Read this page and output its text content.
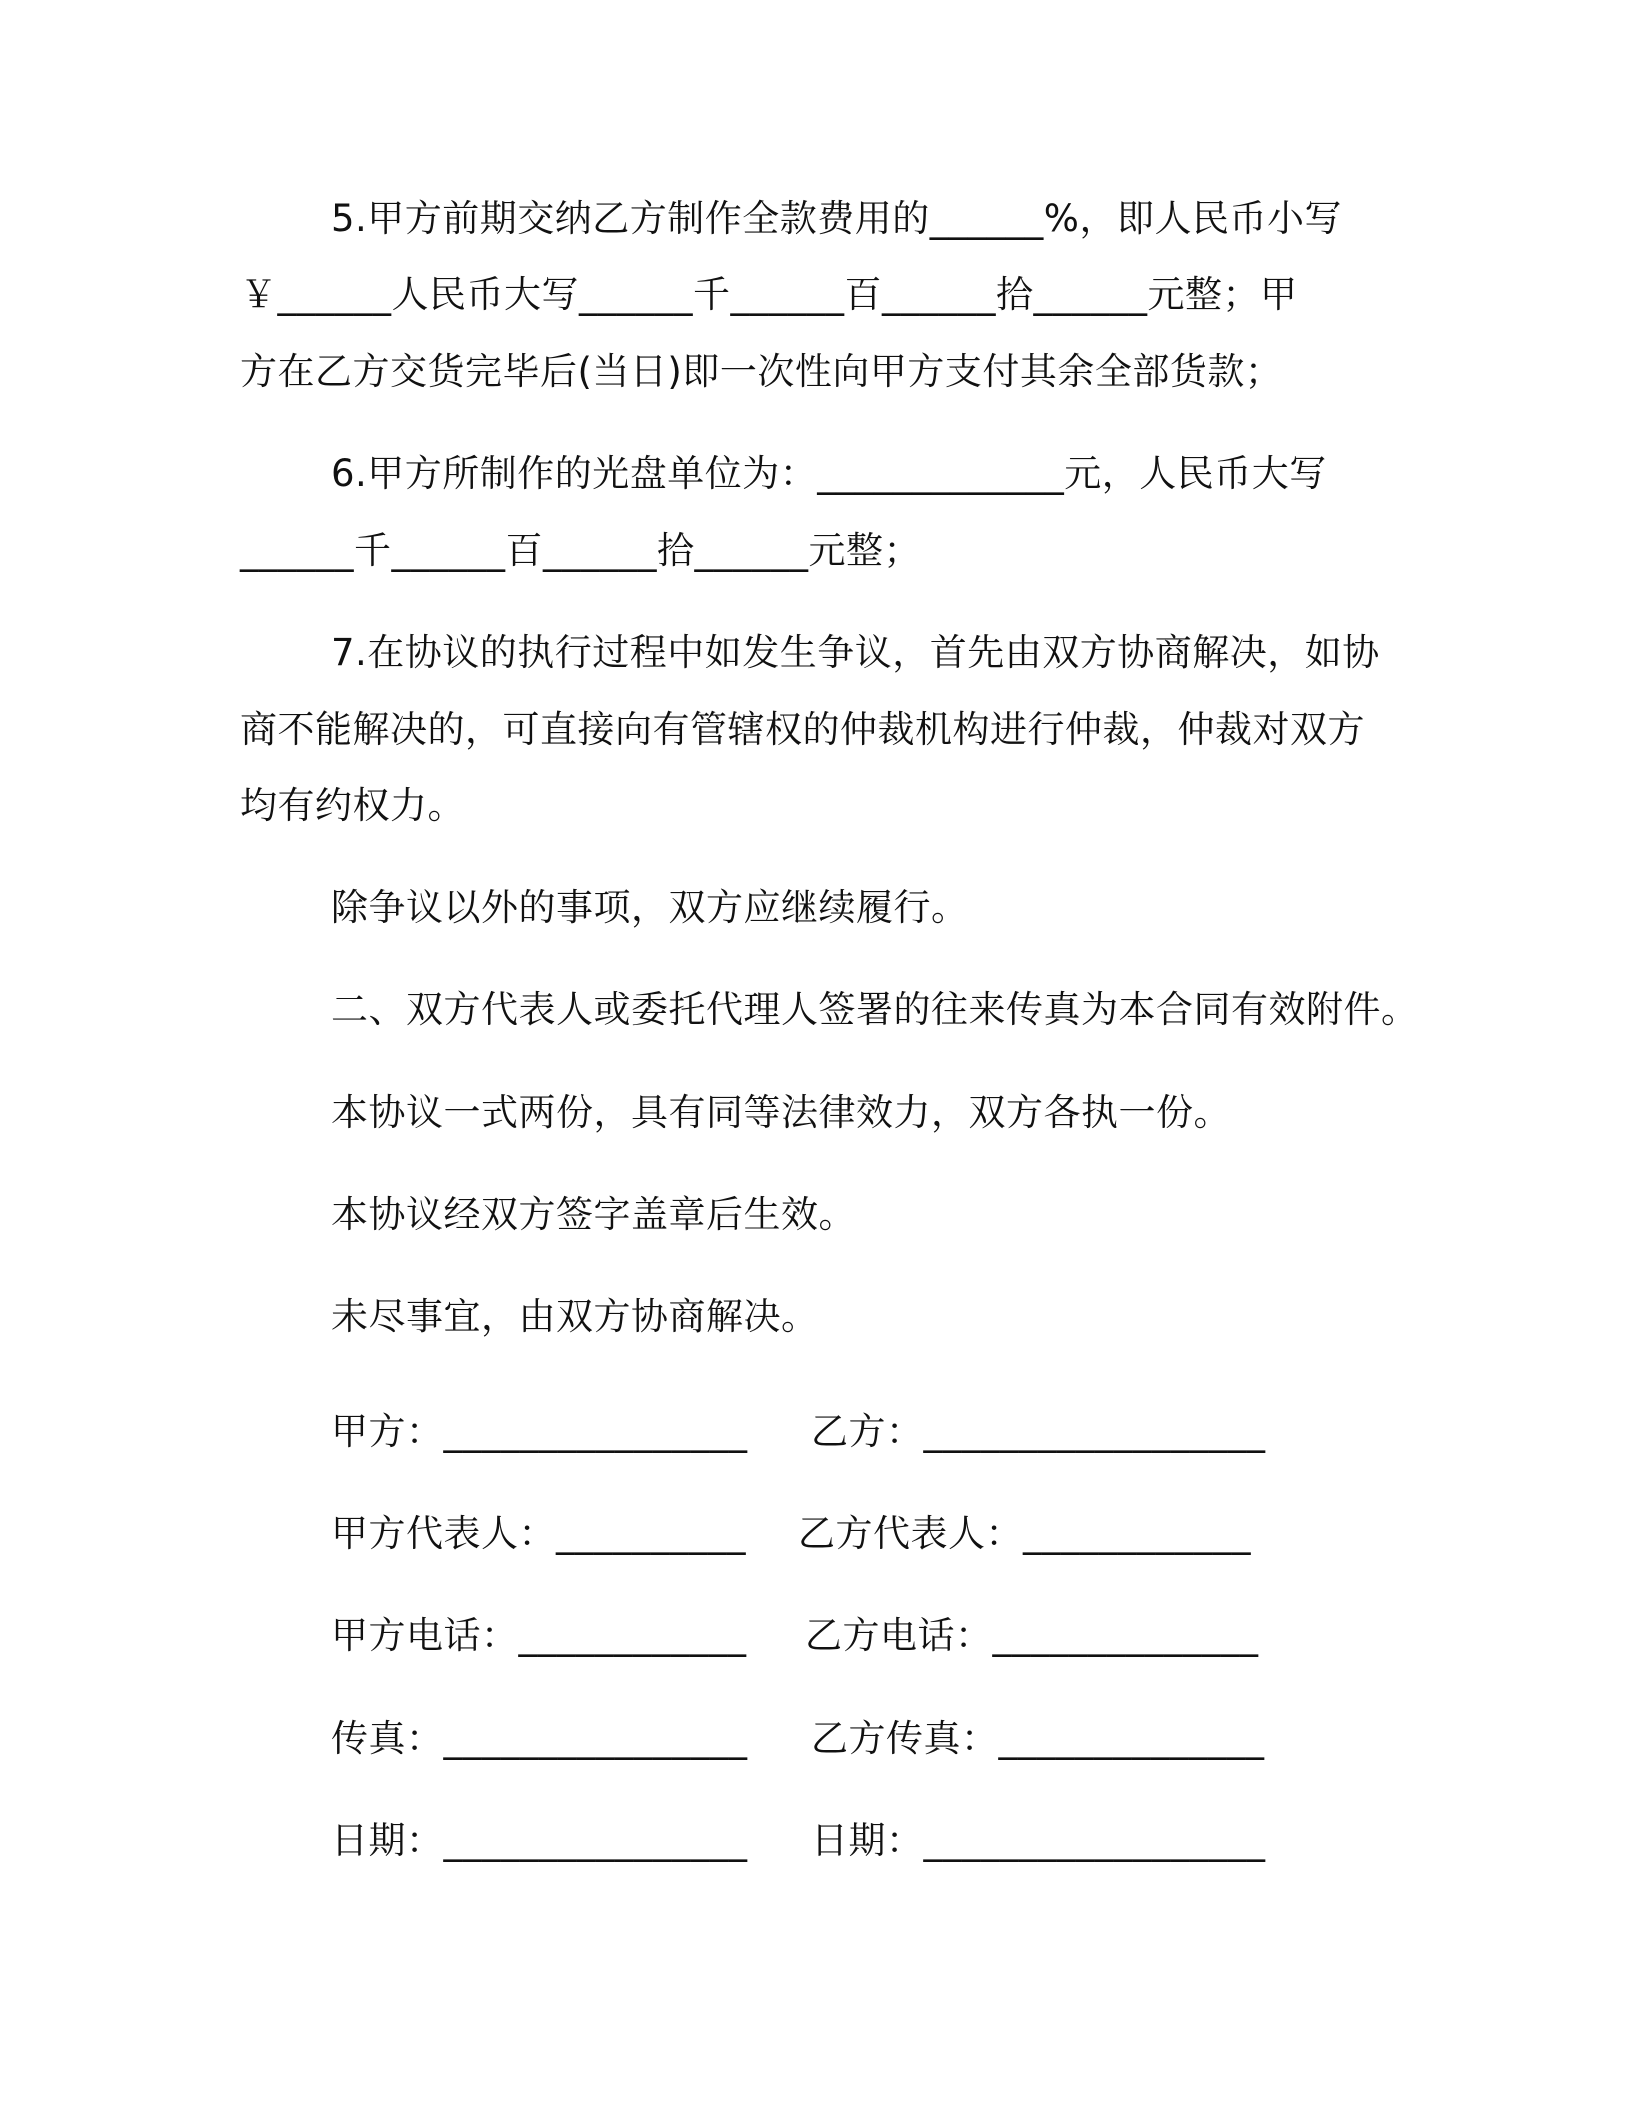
5.甲方前期交纳乙方制作全款费用的______%，即人民币小写
￥______人民币大写______千______百______拾______元整；甲
方在乙方交货完毕后(当日)即一次性向甲方支付其余全部货款；
6.甲方所制作的光盘单位为：_____________元，人民币大写
______千______百______拾______元整；
7.在协议的执行过程中如发生争议，首先由双方协商解决，如协
商不能解决的，可直接向有管辖权的仲裁机构进行仲裁，仲裁对双方
均有约权力。
除争议以外的事项，双方应继续履行。
二、双方代表人或委托代理人签署的往来传真为本合同有效附件。
本协议一式两份，具有同等法律效力，双方各执一份。
本协议经双方签字盖章后生效。
未尽事宜，由双方协商解决。
甲方：________________ 乙方：__________________
甲方代表人：__________ 乙方代表人：____________
甲方电话：____________ 乙方电话：______________
传真：________________ 乙方传真：______________
日期：________________ 日期：__________________
